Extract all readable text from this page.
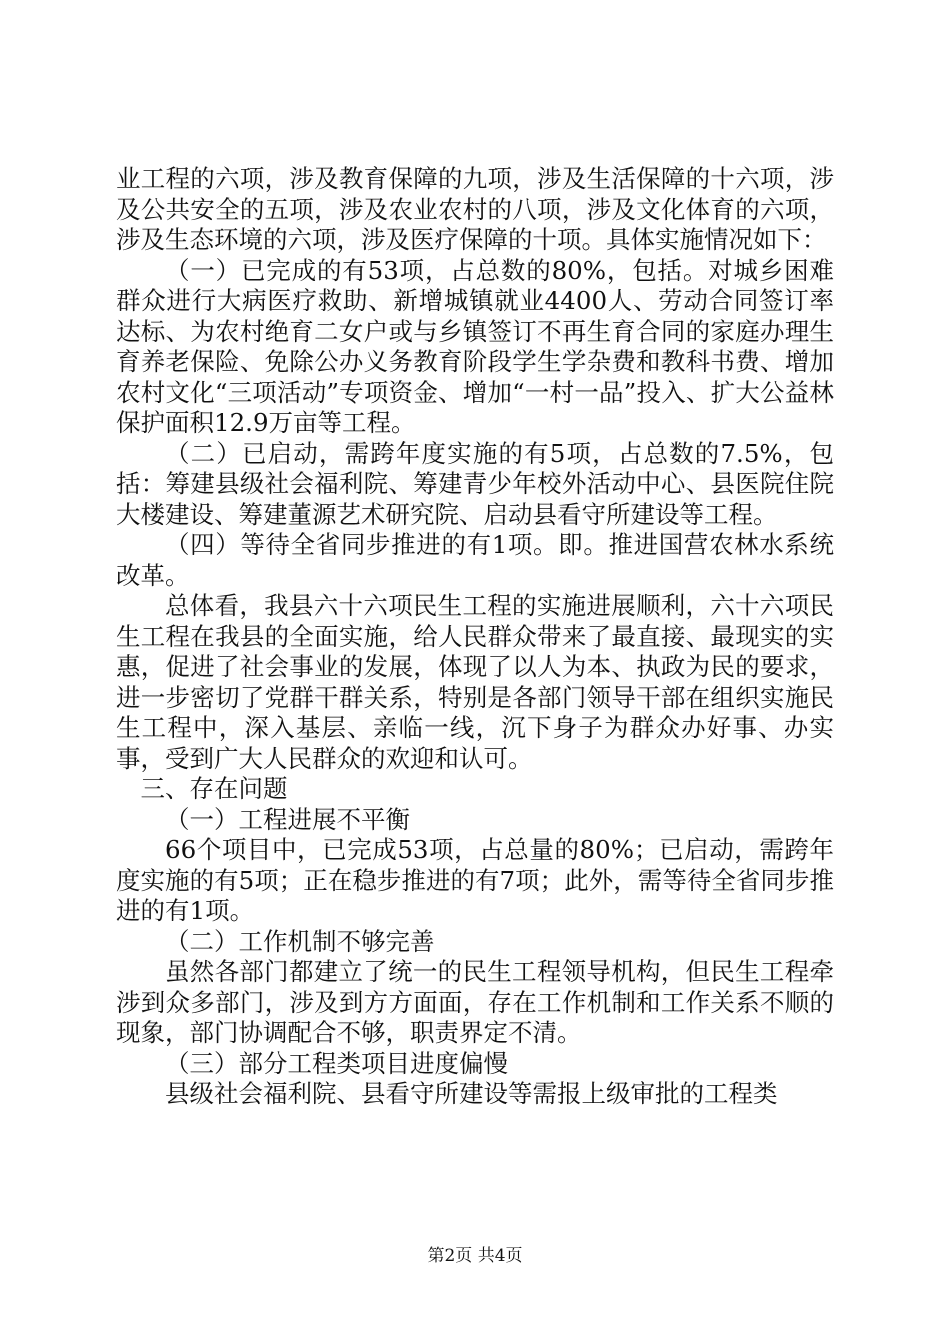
业工程的六项，涉及教育保障的九项，涉及生活保障的十六项，涉及公共安全的五项，涉及农业农村的八项，涉及文化体育的六项，涉及生态环境的六项，涉及医疗保障的十项。具体实施情况如下：

（一）已完成的有53项，占总数的80%，包括。对城乡困难群众进行大病医疗救助、新增城镇就业4400人、劳动合同签订率达标、为农村绝育二女户或与乡镇签订不再生育合同的家庭办理生育养老保险、免除公办义务教育阶段学生学杂费和教科书费、增加农村文化“三项活动”专项资金、增加“一村一品”投入、扩大公益林保护面积12.9万亩等工程。

（二）已启动，需跨年度实施的有5项，占总数的7.5%，包括：筹建县级社会福利院、筹建青少年校外活动中心、县医院住院大楼建设、筹建董源艺术研究院、启动县看守所建设等工程。

（四）等待全省同步推进的有1项。即。推进国营农林水系统改革。

总体看，我县六十六项民生工程的实施进展顺利，六十六项民生工程在我县的全面实施，给人民群众带来了最直接、最现实的实惠，促进了社会事业的发展，体现了以人为本、执政为民的要求，进一步密切了党群干群关系，特别是各部门领导干部在组织实施民生工程中，深入基层、亲临一线，沉下身子为群众办好事、办实事，受到广大人民群众的欢迎和认可。

三、存在问题

（一）工程进展不平衡

66个项目中，已完成53项，占总量的80%；已启动，需跨年度实施的有5项；正在稳步推进的有7项；此外，需等待全省同步推进的有1项。

（二）工作机制不够完善

虽然各部门都建立了统一的民生工程领导机构，但民生工程牵涉到众多部门，涉及到方方面面，存在工作机制和工作关系不顺的现象，部门协调配合不够，职责界定不清。

（三）部分工程类项目进度偏慢

县级社会福利院、县看守所建设等需报上级审批的工程类

第2页 共4页
